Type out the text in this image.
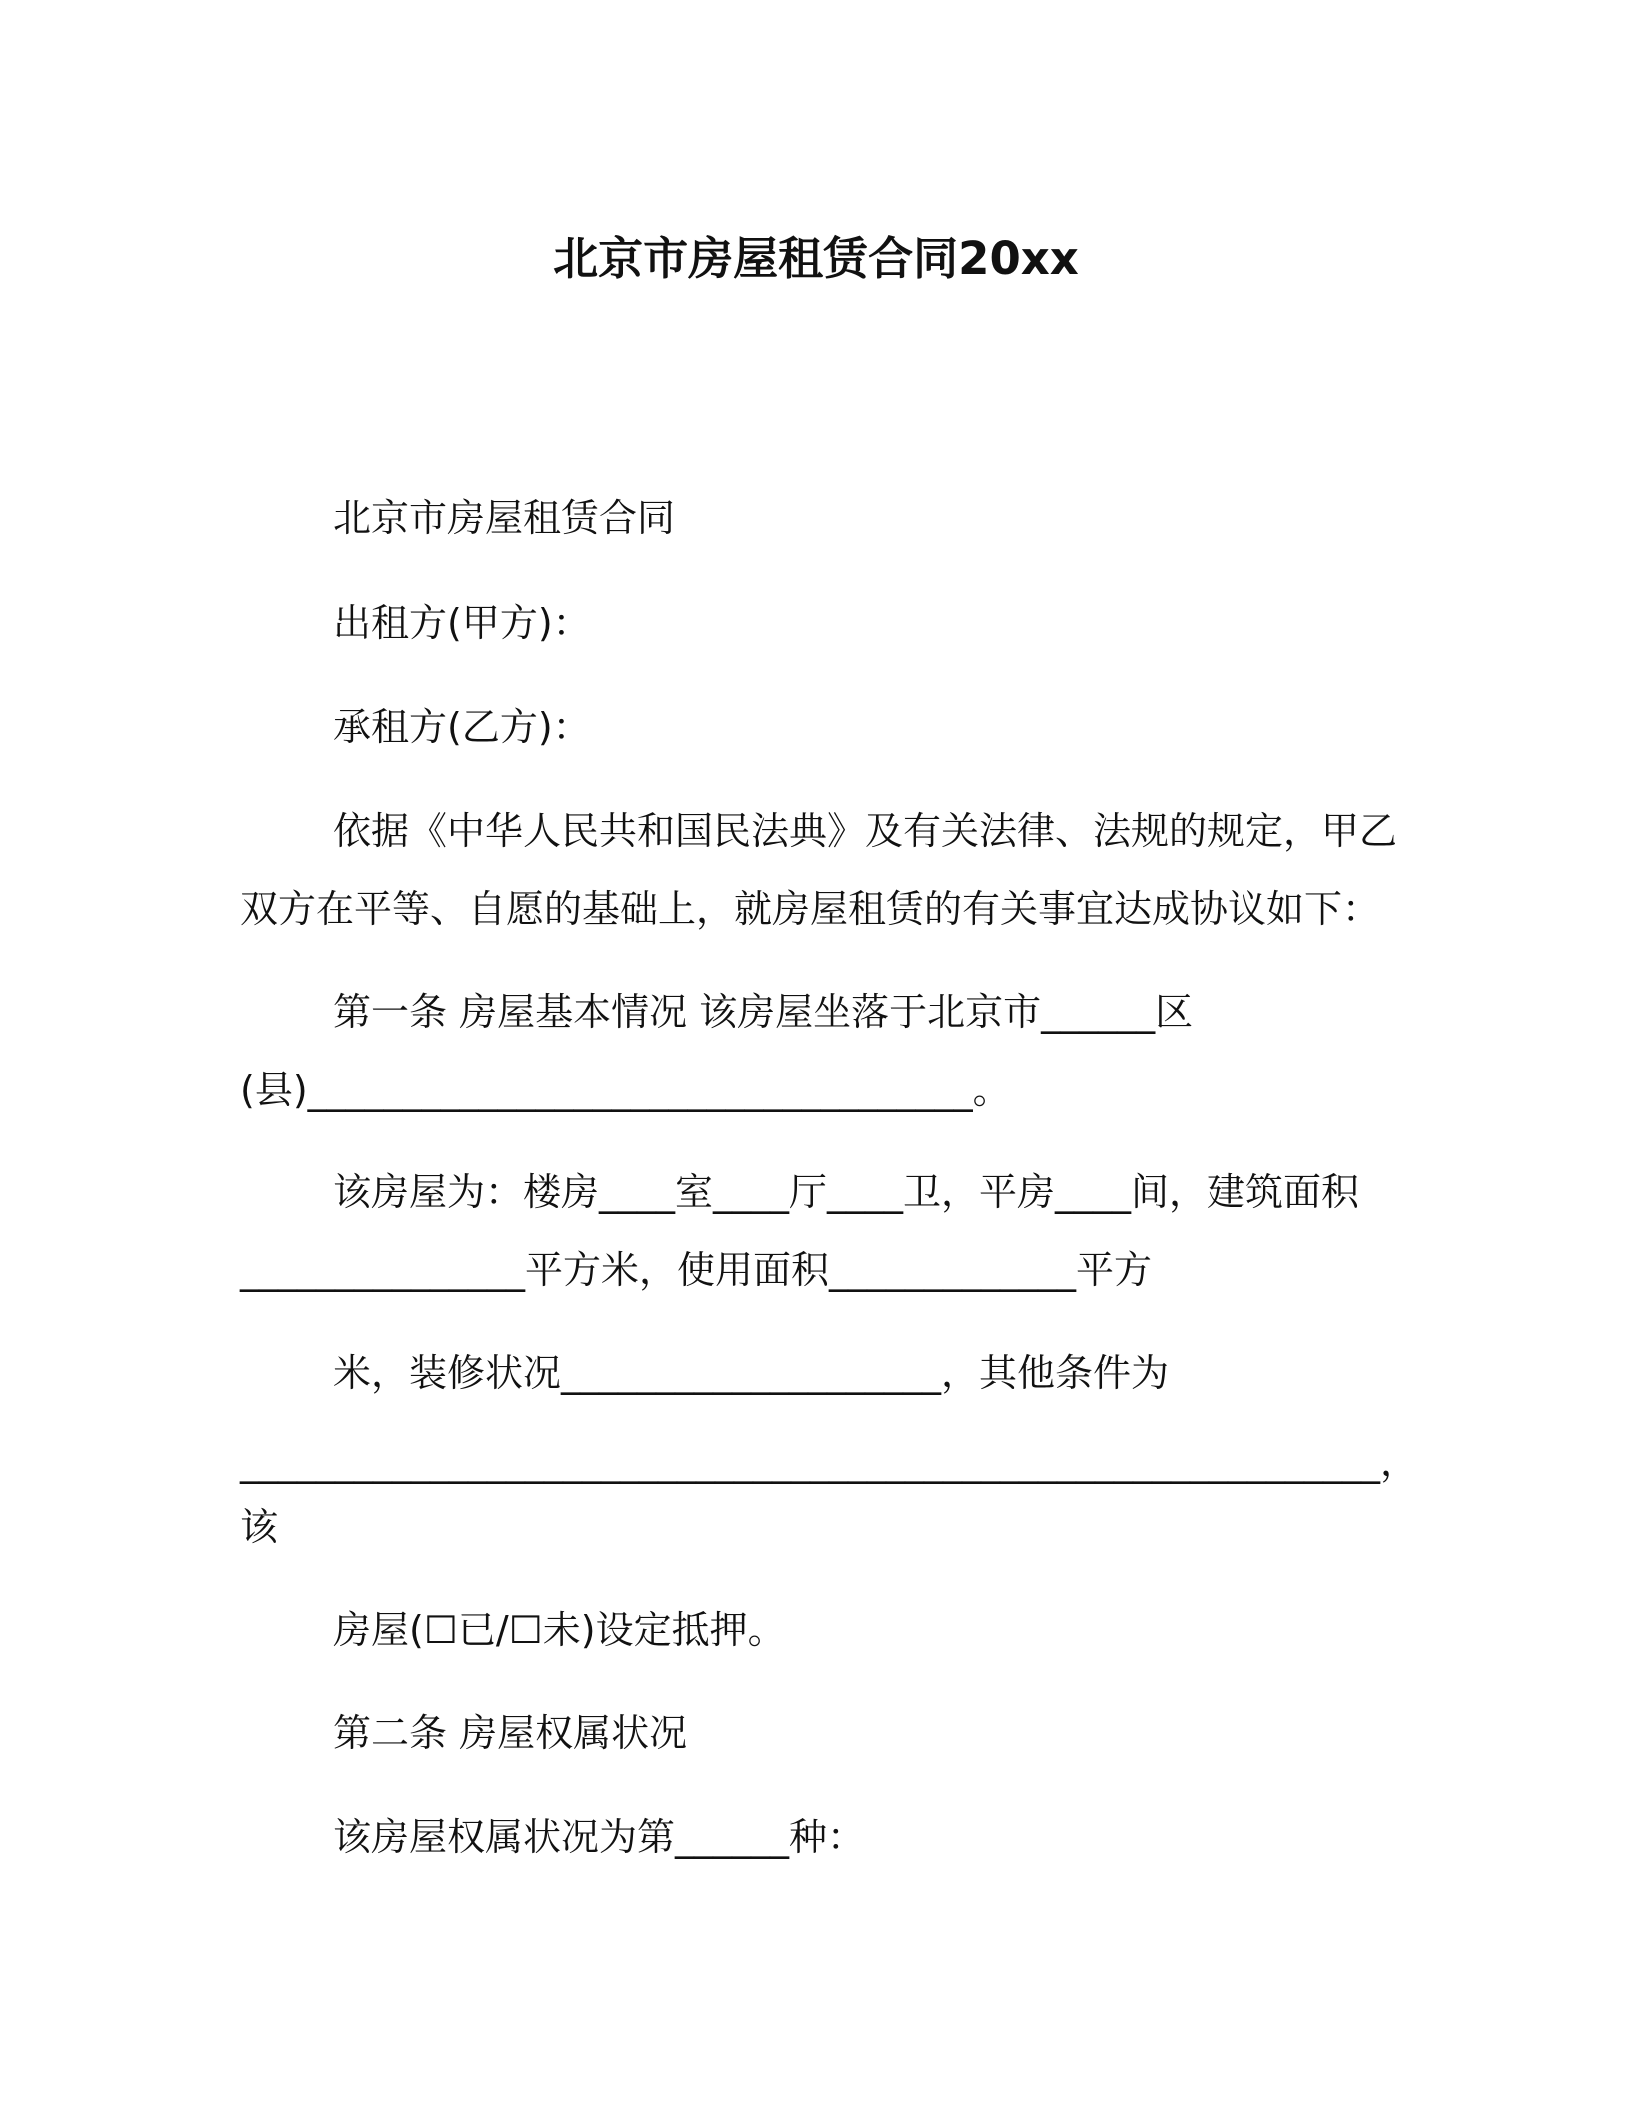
北京市房屋租赁合同20xx

北京市房屋租赁合同

出租方(甲方)：

承租方(乙方)：

依据《中华人民共和国民法典》及有关法律、法规的规定，甲乙

双方在平等、自愿的基础上，就房屋租赁的有关事宜达成协议如下：

第一条 房屋基本情况 该房屋坐落于北京市______区

(县)___________________________________。

该房屋为：楼房____室____厅____卫，平房____间，建筑面积

_______________平方米，使用面积_____________平方

米，装修状况____________________，其他条件为

____________________________________________________________，

该

房屋(☐已/☐未)设定抵押。

第二条 房屋权属状况

该房屋权属状况为第______种：
